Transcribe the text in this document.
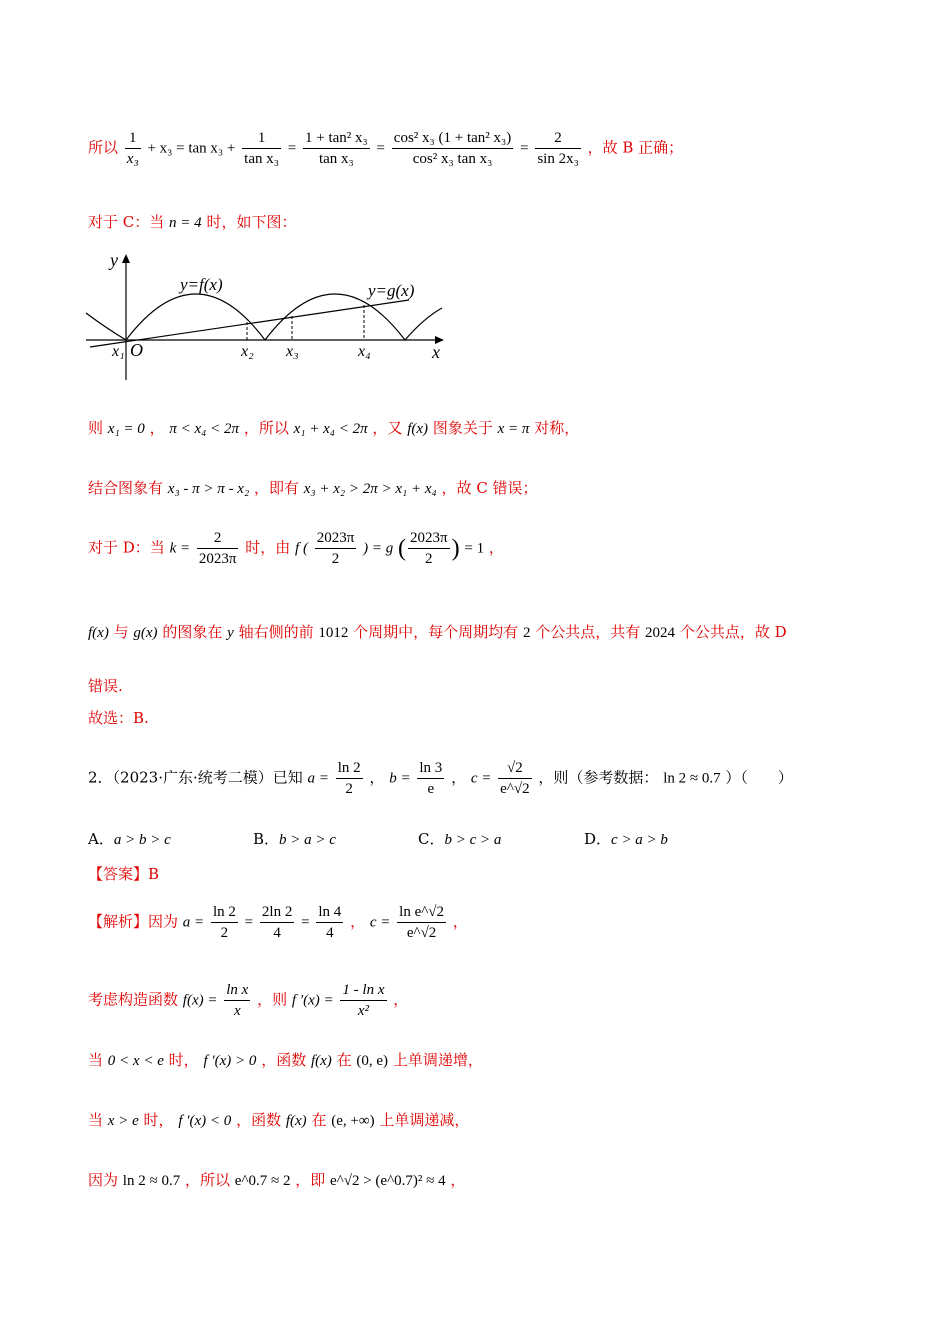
所以 $\frac{1}{\text{x₃}} + x_3 = \tan x_3 + \frac{1}{\text{tan x₃}} = \frac{\text{1 + tan² x₃}}{\text{tan x₃}} = \frac{\text{cos² x₃ (1 + tan² x₃)}}{\text{cos² x₃ tan x₃}} = \frac{2}{\text{sin 2x₃}}$ ，故 B 正确；
对于 C：当 n = 4 时，如下图：
y
x
O
y=f(x)	y=g(x)
x₁	x₂ x₃	x₄
则 x₁ = 0 ， π < x₄ < 2π ，所以 x₁ + x₄ < 2π ，又 f(x) 图象关于 x = π 对称，
结合图象有 x₃ - π > π - x₂ ，即有 x₃ + x₂ > 2π > x₁ + x₄ ，故 C 错误；
对于 D：当 $k = \frac{2}{2023\pi}$ 时，由 f ( $\frac{2023\pi}{2}$ ) = g ( $\frac{2023\pi}{2}$ ) = 1 ，
f(x) 与 g(x) 的图象在 y 轴右侧的前 1012 个周期中，每个周期均有 2 个公共点，共有 2024 个公共点，故 D
错误.
故选：B.
2．（2023·广东·统考二模）已知 $a = \frac{\ln 2}{2}$ ， $b = \frac{\ln 3}{e}$ ， $c = \frac{√2}{e\^{}√2}$ ，则（参考数据： ln 2 ≈ 0.7 ）（　　）
A．a > b > c	B．b > a > c	C．b > c > a	D．c > a > b
【答案】B
【解析】因为 $a = \frac{\ln 2}{2} = \frac{2\ln 2}{4} = \frac{\ln 4}{4}$ ， $c = \frac{\text{ln e\textasciicircum{}√2}}{e\^{}√2}$ ，
考虑构造函数 $f(x) = \frac{\text{ln x}}{x}$ ，则 f $'(x) = \frac{\text{1 - ln x}}{\text{x²}}$ ，
当 0 < x < e 时， f ′(x) > 0 ，函数 f(x) 在 (0, e) 上单调递增，
当 x > e 时， f ′(x) < 0 ，函数 f(x) 在 (e, +∞) 上单调递减，
因为 ln 2 ≈ 0.7 ，所以 e^0.7 ≈ 2 ，即 e^√2 > (e^0.7)² ≈ 4 ，
